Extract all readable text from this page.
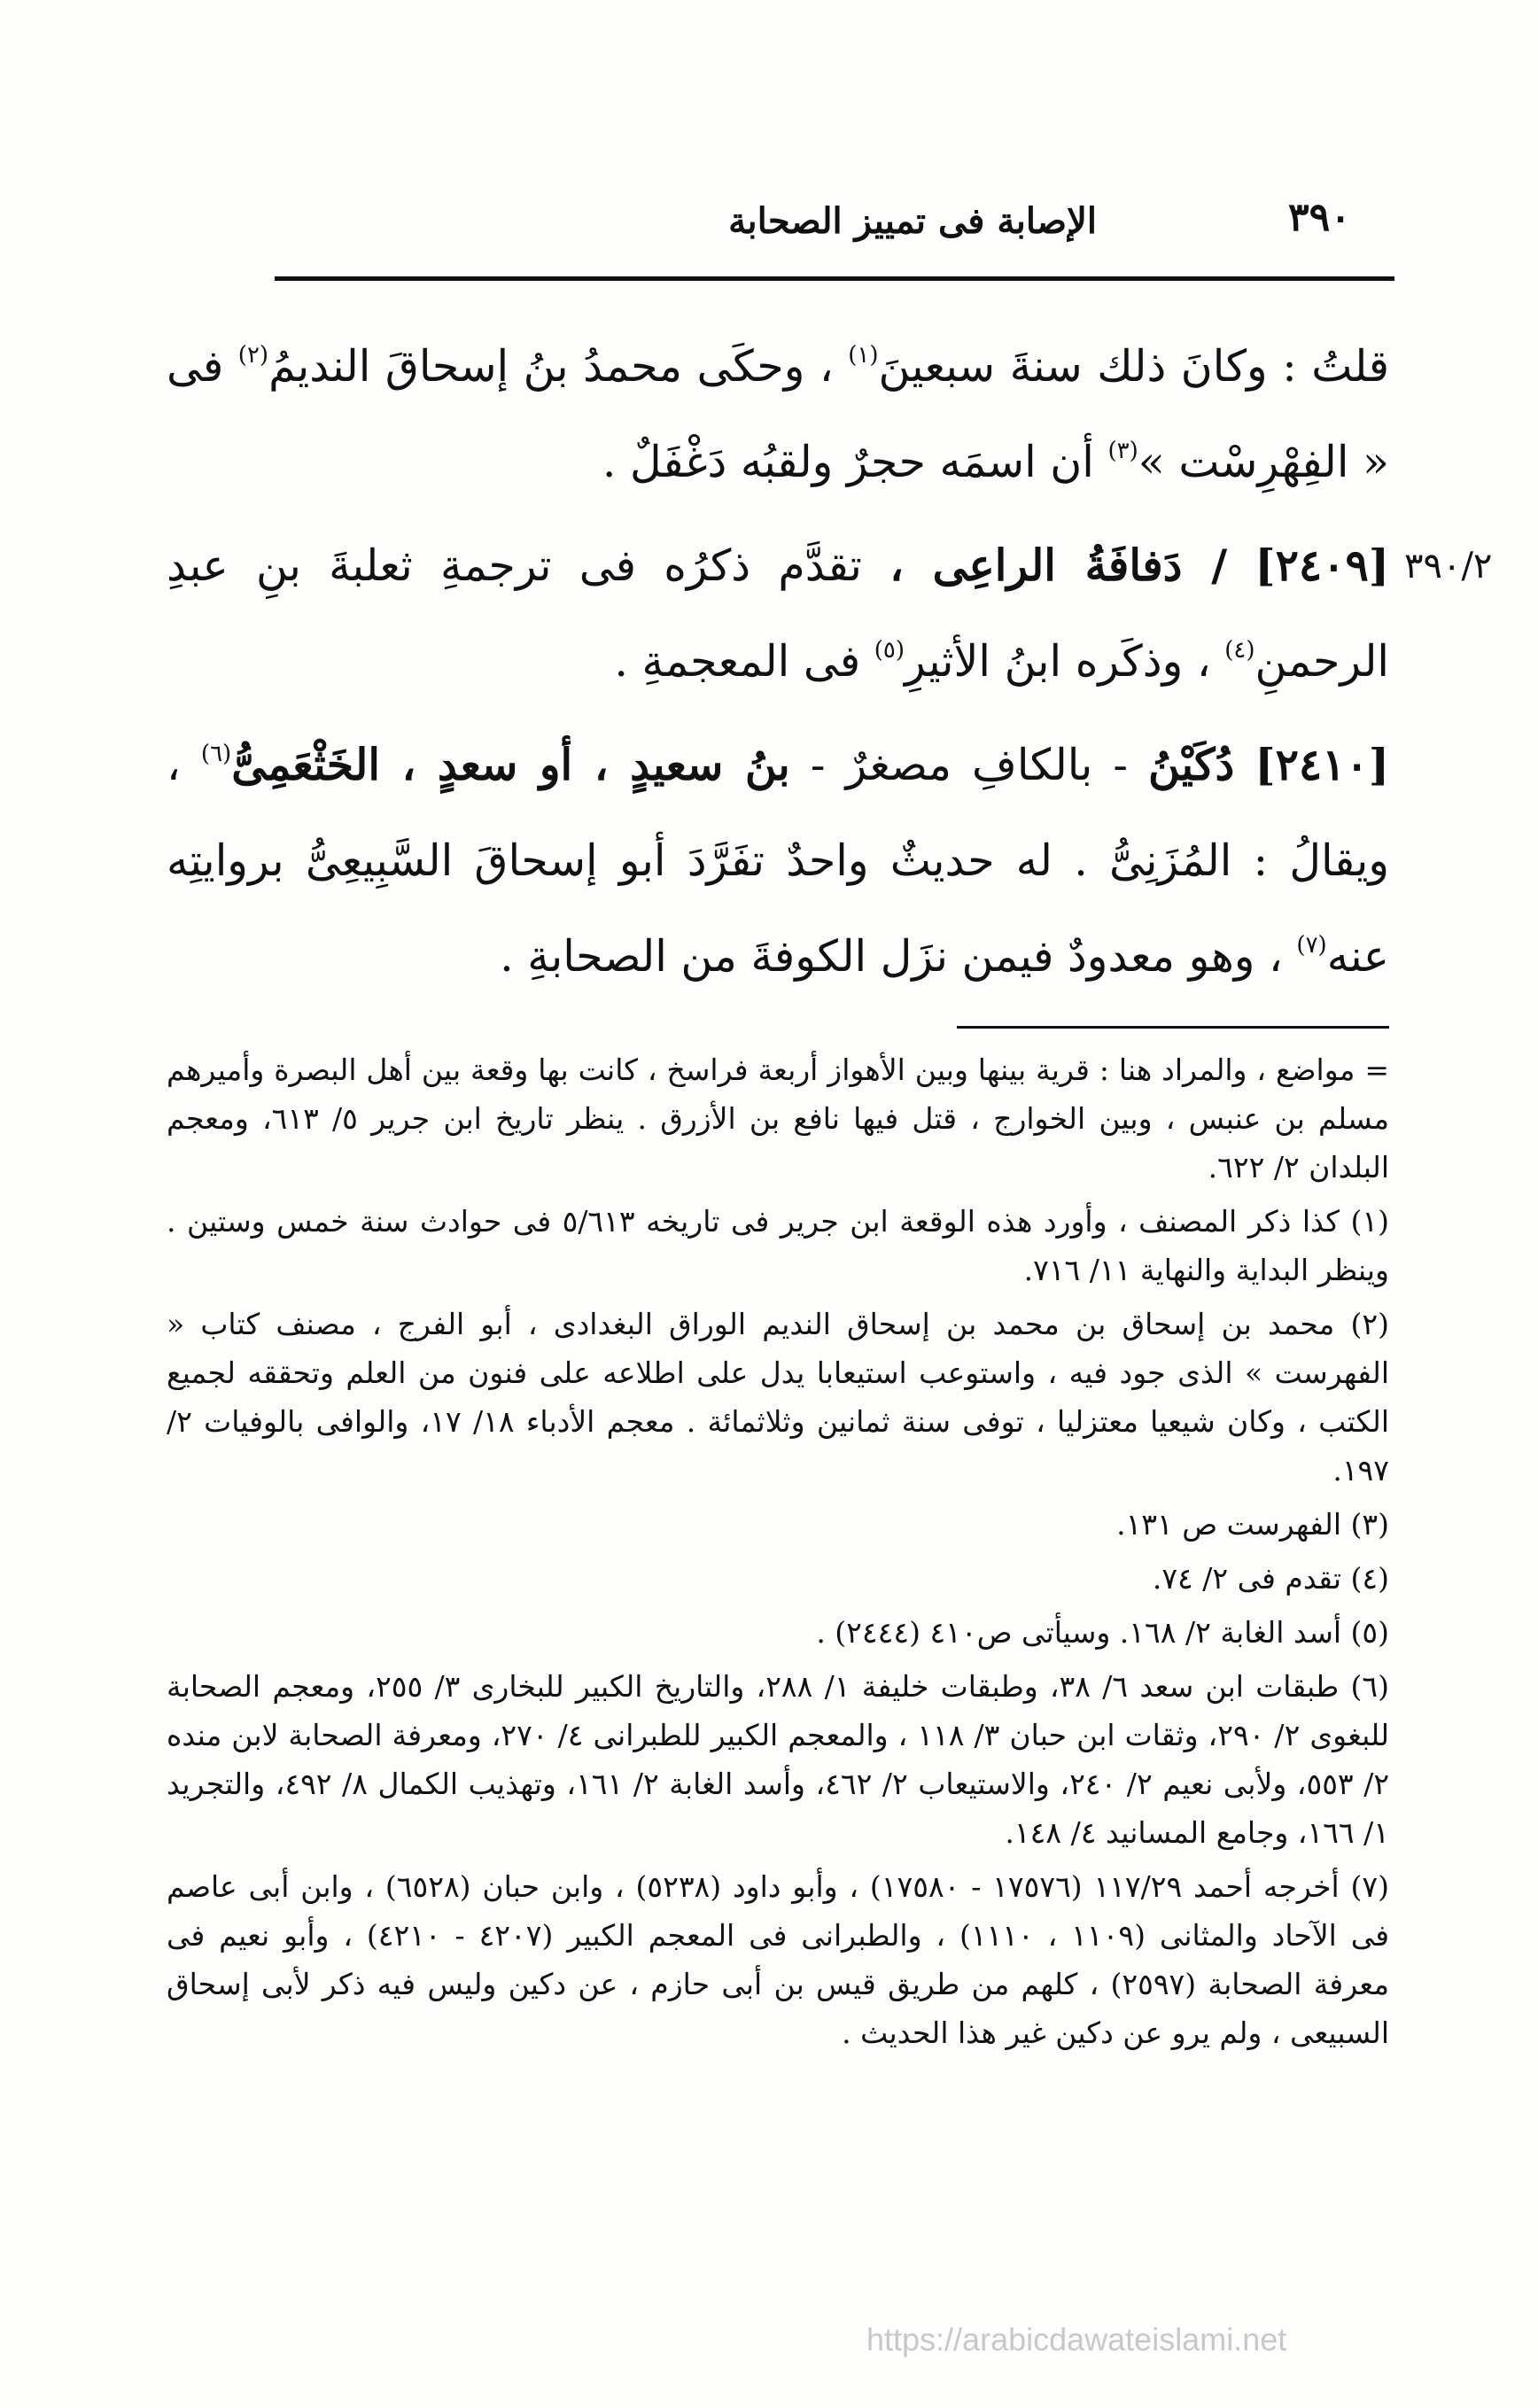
الإصابة فى تمييز الصحابة	٣٩٠
٣٩٠/٢

قلتُ : وكانَ ذلك سنةَ سبعينَ$^{(١)}$ ، وحكَى محمدُ بنُ إسحاقَ النديمُ$^{(٢)}$ فى « الفِهْرِسْت »$^{(٣)}$ أن اسمَه حجرٌ ولقبُه دَغْفَلٌ .

[٢٤٠٩] / دَفافَةُ الراعِى ، تقدَّم ذكرُه فى ترجمةِ ثعلبةَ بنِ عبدِ الرحمنِ$^{(٤)}$ ، وذكَره ابنُ الأثيرِ$^{(٥)}$ فى المعجمةِ .

[٢٤١٠] دُكَيْنُ - بالكافِ مصغرٌ - بنُ سعيدٍ ، أو سعدٍ ، الخَثْعَمِىُّ$^{(٦)}$ ، ويقالُ : المُزَنِىُّ . له حديثٌ واحدٌ تفَرَّدَ أبو إسحاقَ السَّبِيعِىُّ بروايتِه عنه$^{(٧)}$ ، وهو معدودٌ فيمن نزَل الكوفةَ من الصحابةِ .

= مواضع ، والمراد هنا : قرية بينها وبين الأهواز أربعة فراسخ ، كانت بها وقعة بين أهل البصرة وأميرهم مسلم بن عنبس ، وبين الخوارج ، قتل فيها نافع بن الأزرق . ينظر تاريخ ابن جرير ٥/ ٦١٣، ومعجم البلدان ٢/ ٦٢٢.

(١) كذا ذكر المصنف ، وأورد هذه الوقعة ابن جرير فى تاريخه ٥/٦١٣ فى حوادث سنة خمس وستين . وينظر البداية والنهاية ١١/ ٧١٦.

(٢) محمد بن إسحاق بن محمد بن إسحاق النديم الوراق البغدادى ، أبو الفرج ، مصنف كتاب « الفهرست » الذى جود فيه ، واستوعب استيعابا يدل على اطلاعه على فنون من العلم وتحققه لجميع الكتب ، وكان شيعيا معتزليا ، توفى سنة ثمانين وثلاثمائة . معجم الأدباء ١٨/ ١٧، والوافى بالوفيات ٢/ ١٩٧.

(٣) الفهرست ص ١٣١.

(٤) تقدم فى ٢/ ٧٤.

(٥) أسد الغابة ٢/ ١٦٨. وسيأتى ص٤١٠ (٢٤٤٤) .

(٦) طبقات ابن سعد ٦/ ٣٨، وطبقات خليفة ١/ ٢٨٨، والتاريخ الكبير للبخارى ٣/ ٢٥٥، ومعجم الصحابة للبغوى ٢/ ٢٩٠، وثقات ابن حبان ٣/ ١١٨ ، والمعجم الكبير للطبرانى ٤/ ٢٧٠، ومعرفة الصحابة لابن منده ٢/ ٥٥٣، ولأبى نعيم ٢/ ٢٤٠، والاستيعاب ٢/ ٤٦٢، وأسد الغابة ٢/ ١٦١، وتهذيب الكمال ٨/ ٤٩٢، والتجريد ١/ ١٦٦، وجامع المسانيد ٤/ ١٤٨.

(٧) أخرجه أحمد ١١٧/٢٩ (١٧٥٧٦ - ١٧٥٨٠) ، وأبو داود (٥٢٣٨) ، وابن حبان (٦٥٢٨) ، وابن أبى عاصم فى الآحاد والمثانى (١١٠٩ ، ١١١٠) ، والطبرانى فى المعجم الكبير (٤٢٠٧ - ٤٢١٠) ، وأبو نعيم فى معرفة الصحابة (٢٥٩٧) ، كلهم من طريق قيس بن أبى حازم ، عن دكين وليس فيه ذكر لأبى إسحاق السبيعى ، ولم يرو عن دكين غير هذا الحديث .

https://arabicdawateislami.net
